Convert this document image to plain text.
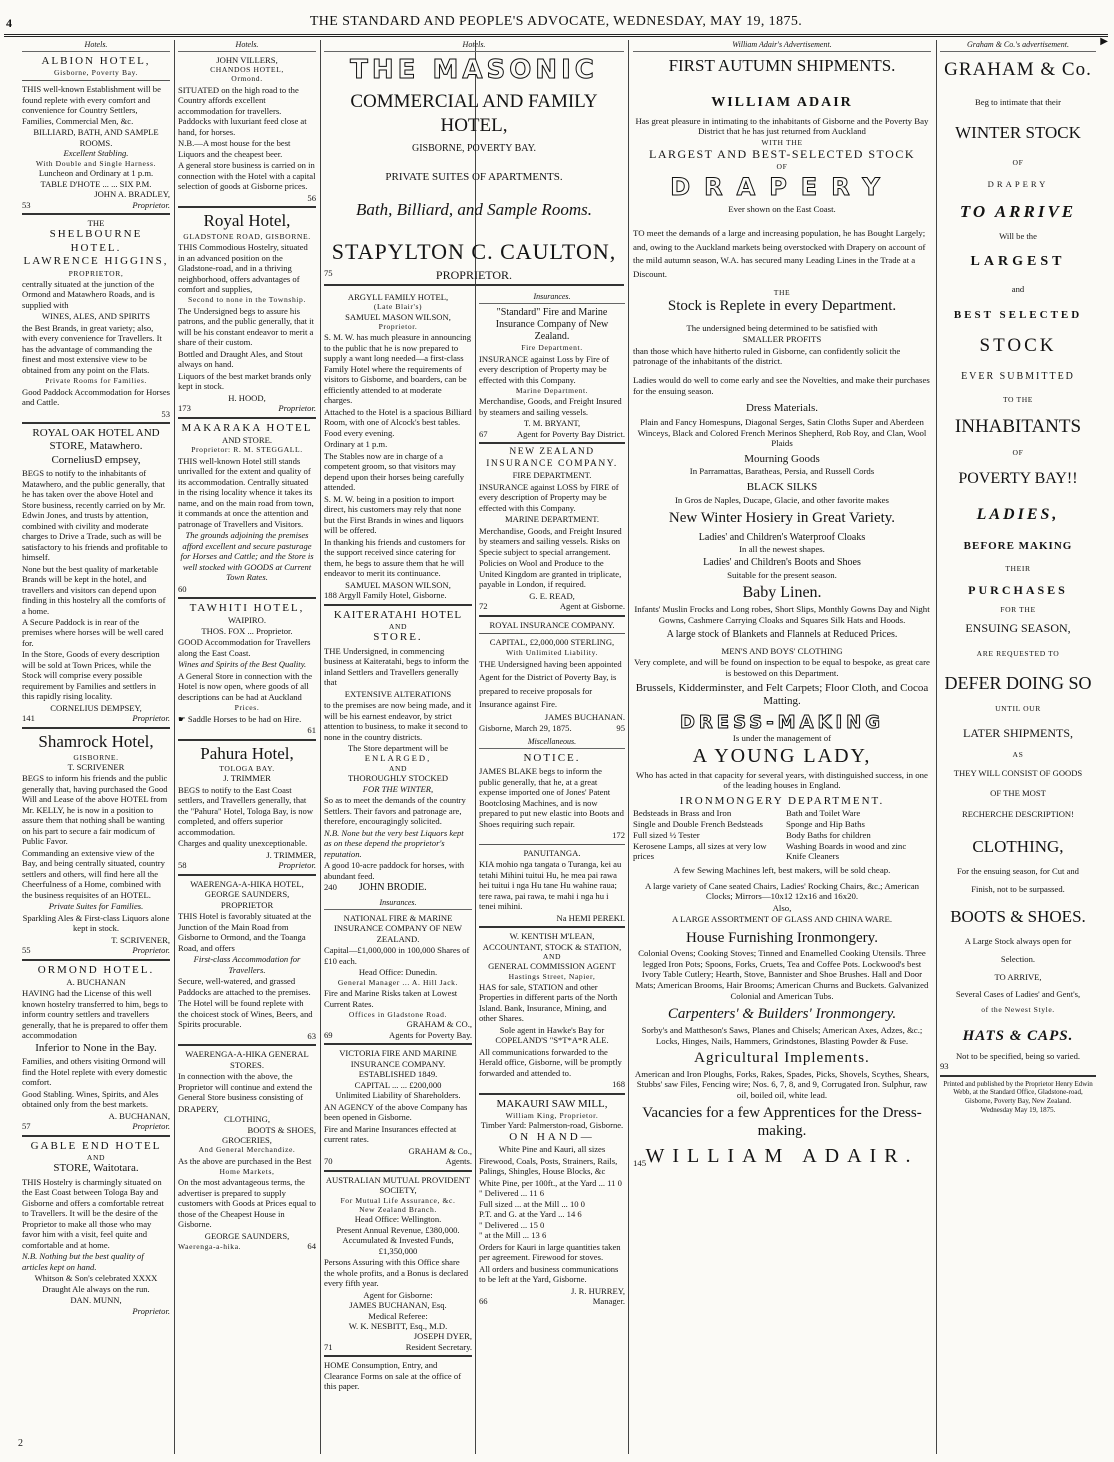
4	THE STANDARD AND PEOPLE'S ADVOCATE, WEDNESDAY, MAY 19, 1875.
▶
Hotels.
ALBION HOTEL,
Gisborne, Poverty Bay.

THIS well-known Establishment will be found replete with every comfort and convenience for Country Settlers, Families, Commercial Men, &c.

BILLIARD, BATH, AND SAMPLE ROOMS.
Excellent Stabling.
With Double and Single Harness.
Luncheon and Ordinary at 1 p.m.
TABLE D'HOTE ... ... SIX P.M.
JOHN A. BRADLEY,
53	Proprietor.
THE
SHELBOURNE HOTEL.
LAWRENCE HIGGINS,
PROPRIETOR,

centrally situated at the junction of the Ormond and Matawhero Roads, and is supplied with

WINES, ALES, AND SPIRITS

the Best Brands, in great variety; also, with every convenience for Travellers. It has the advantage of commanding the finest and most extensive view to be obtained from any point on the Flats.

Private Rooms for Families.

Good Paddock Accommodation for Horses and Cattle.

53
ROYAL OAK HOTEL AND STORE, Matawhero.
CorneliusD empsey,

BEGS to notify to the inhabitants of Matawhero, and the public generally, that he has taken over the above Hotel and Store business, recently carried on by Mr. Edwin Jones, and trusts by attention, combined with civility and moderate charges to Drive a Trade, such as will be satisfactory to his friends and profitable to himself.

None but the best quality of marketable Brands will be kept in the hotel, and travellers and visitors can depend upon finding in this hostelry all the comforts of a home.

A Secure Paddock is in rear of the premises where horses will be well cared for.

In the Store, Goods of every description will be sold at Town Prices, while the Stock will comprise every possible requirement by Families and settlers in this rapidly rising locality.

CORNELIUS DEMPSEY,
141	Proprietor.
Shamrock Hotel,
GISBORNE.
T. SCRIVENER

BEGS to inform his friends and the public generally that, having purchased the Good Will and Lease of the above HOTEL from Mr. KELLY, he is now in a position to assure them that nothing shall be wanting on his part to secure a fair modicum of Public Favor.

Commanding an extensive view of the Bay, and being centrally situated, country settlers and others, will find here all the Cheerfulness of a Home, combined with the business requisites of an HOTEL.

Private Suites for Families.

Sparkling Ales & First-class Liquors alone kept in stock.

T. SCRIVENER,
55	Proprietor.
ORMOND HOTEL.
A. BUCHANAN

HAVING had the License of this well known hostelry transferred to him, begs to inform country settlers and travellers generally, that he is prepared to offer them accommodation

Inferior to None in the Bay.

Families, and others visiting Ormond will find the Hotel replete with every domestic comfort.

Good Stabling. Wines, Spirits, and Ales obtained only from the best markets.

A. BUCHANAN,
57	Proprietor.
GABLE END HOTEL
AND
STORE, Waitotara.

THIS Hostelry is charmingly situated on the East Coast between Tologa Bay and Gisborne and offers a comfortable retreat to Travellers. It will be the desire of the Proprietor to make all those who may favor him with a visit, feel quite and comfortable and at home.

N.B. Nothing but the best quality of articles kept on hand.

Whitson & Son's celebrated XXXX Draught Ale always on the run.

DAN. MUNN,
Proprietor.
Hotels.
JOHN VILLERS,
CHANDOS HOTEL,
Ormond.

SITUATED on the high road to the Country affords excellent accommodation for travellers. Paddocks with luxuriant feed close at hand, for horses.

N.B.—A most house for the best Liquors and the cheapest beer.

A general store business is carried on in connection with the Hotel with a capital selection of goods at Gisborne prices.

56
Royal Hotel,
GLADSTONE ROAD, GISBORNE.

THIS Commodious Hostelry, situated in an advanced position on the Gladstone-road, and in a thriving neighborhood, offers advantages of comfort and supplies,

Second to none in the Township.

The Undersigned begs to assure his patrons, and the public generally, that it will be his constant endeavor to merit a share of their custom.

Bottled and Draught Ales, and Stout always on hand.

Liquors of the best market brands only kept in stock.

H. HOOD,
173	Proprietor.
MAKARAKA HOTEL
AND STORE.
Proprietor: R. M. STEGGALL.

THIS well-known Hotel still stands unrivalled for the extent and quality of its accommodation. Centrally situated in the rising locality whence it takes its name, and on the main road from town, it commands at once the attention and patronage of Travellers and Visitors.

The grounds adjoining the premises afford excellent and secure pasturage for Horses and Cattle; and the Store is well stocked with GOODS at Current Town Rates.

60
TAWHITI HOTEL,
WAIPIRO.
THOS. FOX ... Proprietor.

GOOD Accommodation for Travellers along the East Coast.

Wines and Spirits of the Best Quality.

A General Store in connection with the Hotel is now open, where goods of all descriptions can be had at Auckland

Prices.

☛ Saddle Horses to be had on Hire.

61
Pahura Hotel,
TOLOGA BAY.
J. TRIMMER

BEGS to notify to the East Coast settlers, and Travellers generally, that the "Pahura" Hotel, Tologa Bay, is now completed, and offers superior accommodation.

Charges and quality unexceptionable.

J. TRIMMER,
58	Proprietor.
WAERENGA-A-HIKA HOTEL,
GEORGE SAUNDERS, PROPRIETOR

THIS Hotel is favorably situated at the Junction of the Main Road from Gisborne to Ormond, and the Toanga Road, and offers

First-class Accommodation for Travellers.

Secure, well-watered, and grassed Paddocks are attached to the premises.

The Hotel will be found replete with the choicest stock of Wines, Beers, and Spirits procurable.

63
WAERENGA-A-HIKA GENERAL STORES.

In connection with the above, the Proprietor will continue and extend the General Store business consisting of

DRAPERY,
CLOTHING,
BOOTS & SHOES,
GROCERIES,
And General Merchandize.

As the above are purchased in the Best

Home Markets,

On the most advantageous terms, the advertiser is prepared to supply customers with Goods at Prices equal to those of the Cheapest House in Gisborne.

GEORGE SAUNDERS,
Waerenga-a-hika.	64
Hotels.
THE MASONIC
COMMERCIAL AND FAMILY HOTEL,
GISBORNE, POVERTY BAY.
PRIVATE SUITES OF APARTMENTS.
Bath, Billiard, and Sample Rooms.
STAPYLTON C. CAULTON,
75	PROPRIETOR.
ARGYLL FAMILY HOTEL,
(Late Blair's)
SAMUEL MASON WILSON,
Proprietor.

S. M. W. has much pleasure in announcing to the public that he is now prepared to supply a want long needed—a first-class Family Hotel where the requirements of visitors to Gisborne, and boarders, can be efficiently attended to at moderate charges.

Attached to the Hotel is a spacious Billiard Room, with one of Alcock's best tables. Food every evening.

Ordinary at 1 p.m.

The Stables now are in charge of a competent groom, so that visitors may depend upon their horses being carefully attended.

S. M. W. being in a position to import direct, his customers may rely that none but the First Brands in wines and liquors will be offered.

In thanking his friends and customers for the support received since catering for them, he begs to assure them that he will endeavor to merit its continuance.

SAMUEL MASON WILSON,
188 Argyll Family Hotel, Gisborne.
KAITERATAHI HOTEL
AND
STORE.

THE Undersigned, in commencing business at Kaiteratahi, begs to inform the inland Settlers and Travellers generally that

EXTENSIVE ALTERATIONS

to the premises are now being made, and it will be his earnest endeavor, by strict attention to business, to make it second to none in the country districts.

The Store department will be
ENLARGED,
AND
THOROUGHLY STOCKED
FOR THE WINTER,

So as to meet the demands of the country Settlers. Their favors and patronage are, therefore, encouragingly solicited.

N.B. None but the very best Liquors kept as on these depend the proprietor's reputation.

A good 10-acre paddock for horses, with abundant feed.

240 JOHN BRODIE.
Insurances.
NATIONAL FIRE & MARINE INSURANCE COMPANY OF NEW ZEALAND.

Capital—£1,000,000 in 100,000 Shares of £10 each.

Head Office: Dunedin.
General Manager ... A. Hill Jack.

Fire and Marine Risks taken at Lowest Current Rates.

Offices in Gladstone Road.
GRAHAM & CO.,
69	Agents for Poverty Bay.
VICTORIA FIRE AND MARINE INSURANCE COMPANY.
ESTABLISHED 1849.
CAPITAL ... ... £200,000
Unlimited Liability of Shareholders.

AN AGENCY of the above Company has been opened in Gisborne.

Fire and Marine Insurances effected at current rates.

GRAHAM & Co.,
70	Agents.
AUSTRALIAN MUTUAL PROVIDENT SOCIETY,
For Mutual Life Assurance, &c.
New Zealand Branch.
Head Office: Wellington.
Present Annual Revenue, £380,000.
Accumulated & Invested Funds, £1,350,000

Persons Assuring with this Office share the whole profits, and a Bonus is declared every fifth year.

Agent for Gisborne:
JAMES BUCHANAN, Esq.
Medical Referee:
W. K. NESBITT, Esq., M.D.
JOSEPH DYER,
71	Resident Secretary.

HOME Consumption, Entry, and Clearance Forms on sale at the office of this paper.

Insurances.
"Standard" Fire and Marine Insurance Company of New Zealand.
Fire Department.

INSURANCE against Loss by Fire of every description of Property may be effected with this Company.

Marine Department.

Merchandise, Goods, and Freight Insured by steamers and sailing vessels.

T. M. BRYANT,
67	Agent for Poverty Bay District.
NEW ZEALAND INSURANCE COMPANY.
FIRE DEPARTMENT.

INSURANCE against LOSS by FIRE of every description of Property may be effected with this Company.

MARINE DEPARTMENT.

Merchandise, Goods, and Freight Insured by steamers and sailing vessels. Risks on Specie subject to special arrangement.

Policies on Wool and Produce to the United Kingdom are granted in triplicate, payable in London, if required.

G. E. READ,
72	Agent at Gisborne.
ROYAL INSURANCE COMPANY.
CAPITAL, £2,000,000 STERLING,
With Unlimited Liability.

THE Undersigned having been appointed Agent for the District of Poverty Bay, is prepared to receive proposals for Insurance against Fire.

JAMES BUCHANAN.
Gisborne, March 29, 1875.	95
Miscellaneous.
NOTICE.

JAMES BLAKE begs to inform the public generally, that he, at a great expense imported one of Jones' Patent Bootclosing Machines, and is now prepared to put new elastic into Boots and Shoes requiring such repair.

172
PANUITANGA.

KIA mohio nga tangata o Turanga, kei au tetahi Mihini tuitui Hu, he mea pai rawa hei tuitui i nga Hu tane Hu wahine raua; tere rawa, pai rawa, te mahi i nga hu i tenei mihini.

Na HEMI PEREKI.
W. KENTISH M'LEAN,
ACCOUNTANT, STOCK & STATION,
AND
GENERAL COMMISSION AGENT
Hastings Street, Napier,

HAS for sale, STATION and other Properties in different parts of the North Island. Bank, Insurance, Mining, and other Shares.

Sole agent in Hawke's Bay for
COPELAND'S "S*T*A*R ALE.

All communications forwarded to the Herald office, Gisborne, will be promptly forwarded and attended to.

168
MAKAURI SAW MILL,
William King, Proprietor.
Timber Yard: Palmerston-road, Gisborne.
ON HAND—
White Pine and Kauri, all sizes

Firewood, Coals, Posts, Strainers, Rails, Palings, Shingles, House Blocks, &c

White Pine, per 100ft., at the Yard ... 11 0
" Delivered ... 11 6
Full sized ... at the Mill ... 10 0
P.T. and G. at the Yard ... 14 6
" Delivered ... 15 0
" at the Mill ... 13 6

Orders for Kauri in large quantities taken per agreement. Firewood for stoves.

All orders and business communications to be left at the Yard, Gisborne.

J. R. HURREY,
66	Manager.
William Adair's Advertisement.
FIRST AUTUMN SHIPMENTS.
WILLIAM ADAIR

Has great pleasure in intimating to the inhabitants of Gisborne and the Poverty Bay District that he has just returned from Auckland

WITH THE
LARGEST AND BEST-SELECTED STOCK
OF
DRAPERY
Ever shown on the East Coast.

TO meet the demands of a large and increasing population, he has Bought Largely; and, owing to the Auckland markets being overstocked with Drapery on account of the mild autumn season, W.A. has secured many Leading Lines in the Trade at a Discount.

THE
Stock is Replete in every Department.
The undersigned being determined to be satisfied with
SMALLER PROFITS

than those which have hitherto ruled in Gisborne, can confidently solicit the patronage of the inhabitants of the district.

Ladies would do well to come early and see the Novelties, and make their purchases for the ensuing season.

Dress Materials.

Plain and Fancy Homespuns, Diagonal Serges, Satin Cloths Super and Aberdeen Winceys, Black and Colored French Merinos Shepherd, Rob Roy, and Clan, Wool Plaids

Mourning Goods
In Parramattas, Baratheas, Persia, and Russell Cords
BLACK SILKS
In Gros de Naples, Ducape, Glacie, and other favorite makes
New Winter Hosiery in Great Variety.
Ladies' and Children's Waterproof Cloaks
In all the newest shapes.
Ladies' and Children's Boots and Shoes
Suitable for the present season.
Baby Linen.

Infants' Muslin Frocks and Long robes, Short Slips, Monthly Gowns Day and Night Gowns, Cashmere Carrying Cloaks and Squares Silk Hats and Hoods.

A large stock of Blankets and Flannels at Reduced Prices.
MEN'S AND BOYS' CLOTHING

Very complete, and will be found on inspection to be equal to bespoke, as great care is bestowed on this Department.

Brussels, Kidderminster, and Felt Carpets; Floor Cloth, and Cocoa Matting.
DRESS-MAKING
Is under the management of
A YOUNG LADY,

Who has acted in that capacity for several years, with distinguished success, in one of the leading houses in England.

IRONMONGERY DEPARTMENT.
Bedsteads in Brass and Iron
Single and Double French Bedsteads
Full sized ½ Tester
Kerosene Lamps, all sizes at very low prices
Bath and Toilet Ware
Sponge and Hip Baths
Body Baths for children
Washing Boards in wood and zinc
Knife Cleaners
A few Sewing Machines left, best makers, will be sold cheap.

A large variety of Cane seated Chairs, Ladies' Rocking Chairs, &c.; American Clocks; Mirrors—10x12 12x16 and 16x20.

Also,
A LARGE ASSORTMENT OF GLASS AND CHINA WARE.
House Furnishing Ironmongery.

Colonial Ovens; Cooking Stoves; Tinned and Enamelled Cooking Utensils. Three legged Iron Pots; Spoons, Forks, Cruets, Tea and Coffee Pots. Lockwood's best Ivory Table Cutlery; Hearth, Stove, Bannister and Shoe Brushes. Hall and Door Mats; American Brooms, Hair Brooms; American Churns and Buckets. Galvanized Colonial and American Tubs.

Carpenters' & Builders' Ironmongery.

Sorby's and Mattheson's Saws, Planes and Chisels; American Axes, Adzes, &c.; Locks, Hinges, Nails, Hammers, Grindstones, Blasting Powder & Fuse.

Agricultural Implements.

American and Iron Ploughs, Forks, Rakes, Spades, Picks, Shovels, Scythes, Shears, Stubbs' saw Files, Fencing wire; Nos. 6, 7, 8, and 9, Corrugated Iron. Sulphur, raw oil, boiled oil, white lead.

Vacancies for a few Apprentices for the Dress-making.
145 WILLIAM ADAIR.
Graham & Co.'s advertisement.
GRAHAM & Co.
Beg to intimate that their
WINTER STOCK
OF
DRAPERY
TO ARRIVE
Will be the
LARGEST
and
BEST SELECTED
STOCK
EVER SUBMITTED
TO THE
INHABITANTS
OF
POVERTY BAY!!
LADIES,
BEFORE MAKING
THEIR
PURCHASES
FOR THE
ENSUING SEASON,
ARE REQUESTED TO
DEFER DOING SO
UNTIL OUR
LATER SHIPMENTS,
AS
THEY WILL CONSIST OF GOODS
OF THE MOST
RECHERCHE DESCRIPTION!
CLOTHING,
For the ensuing season, for Cut and
Finish, not to be surpassed.
BOOTS & SHOES.
A Large Stock always open for
Selection.
TO ARRIVE,
Several Cases of Ladies' and Gent's,
of the Newest Style.
HATS & CAPS.
Not to be specified, being so varied.
93
Printed and published by the Proprietor Henry Edwin Webb, at the Standard Office, Gladstone-road, Gisborne, Poverty Bay, New Zealand.
Wednesday May 19, 1875.
2
